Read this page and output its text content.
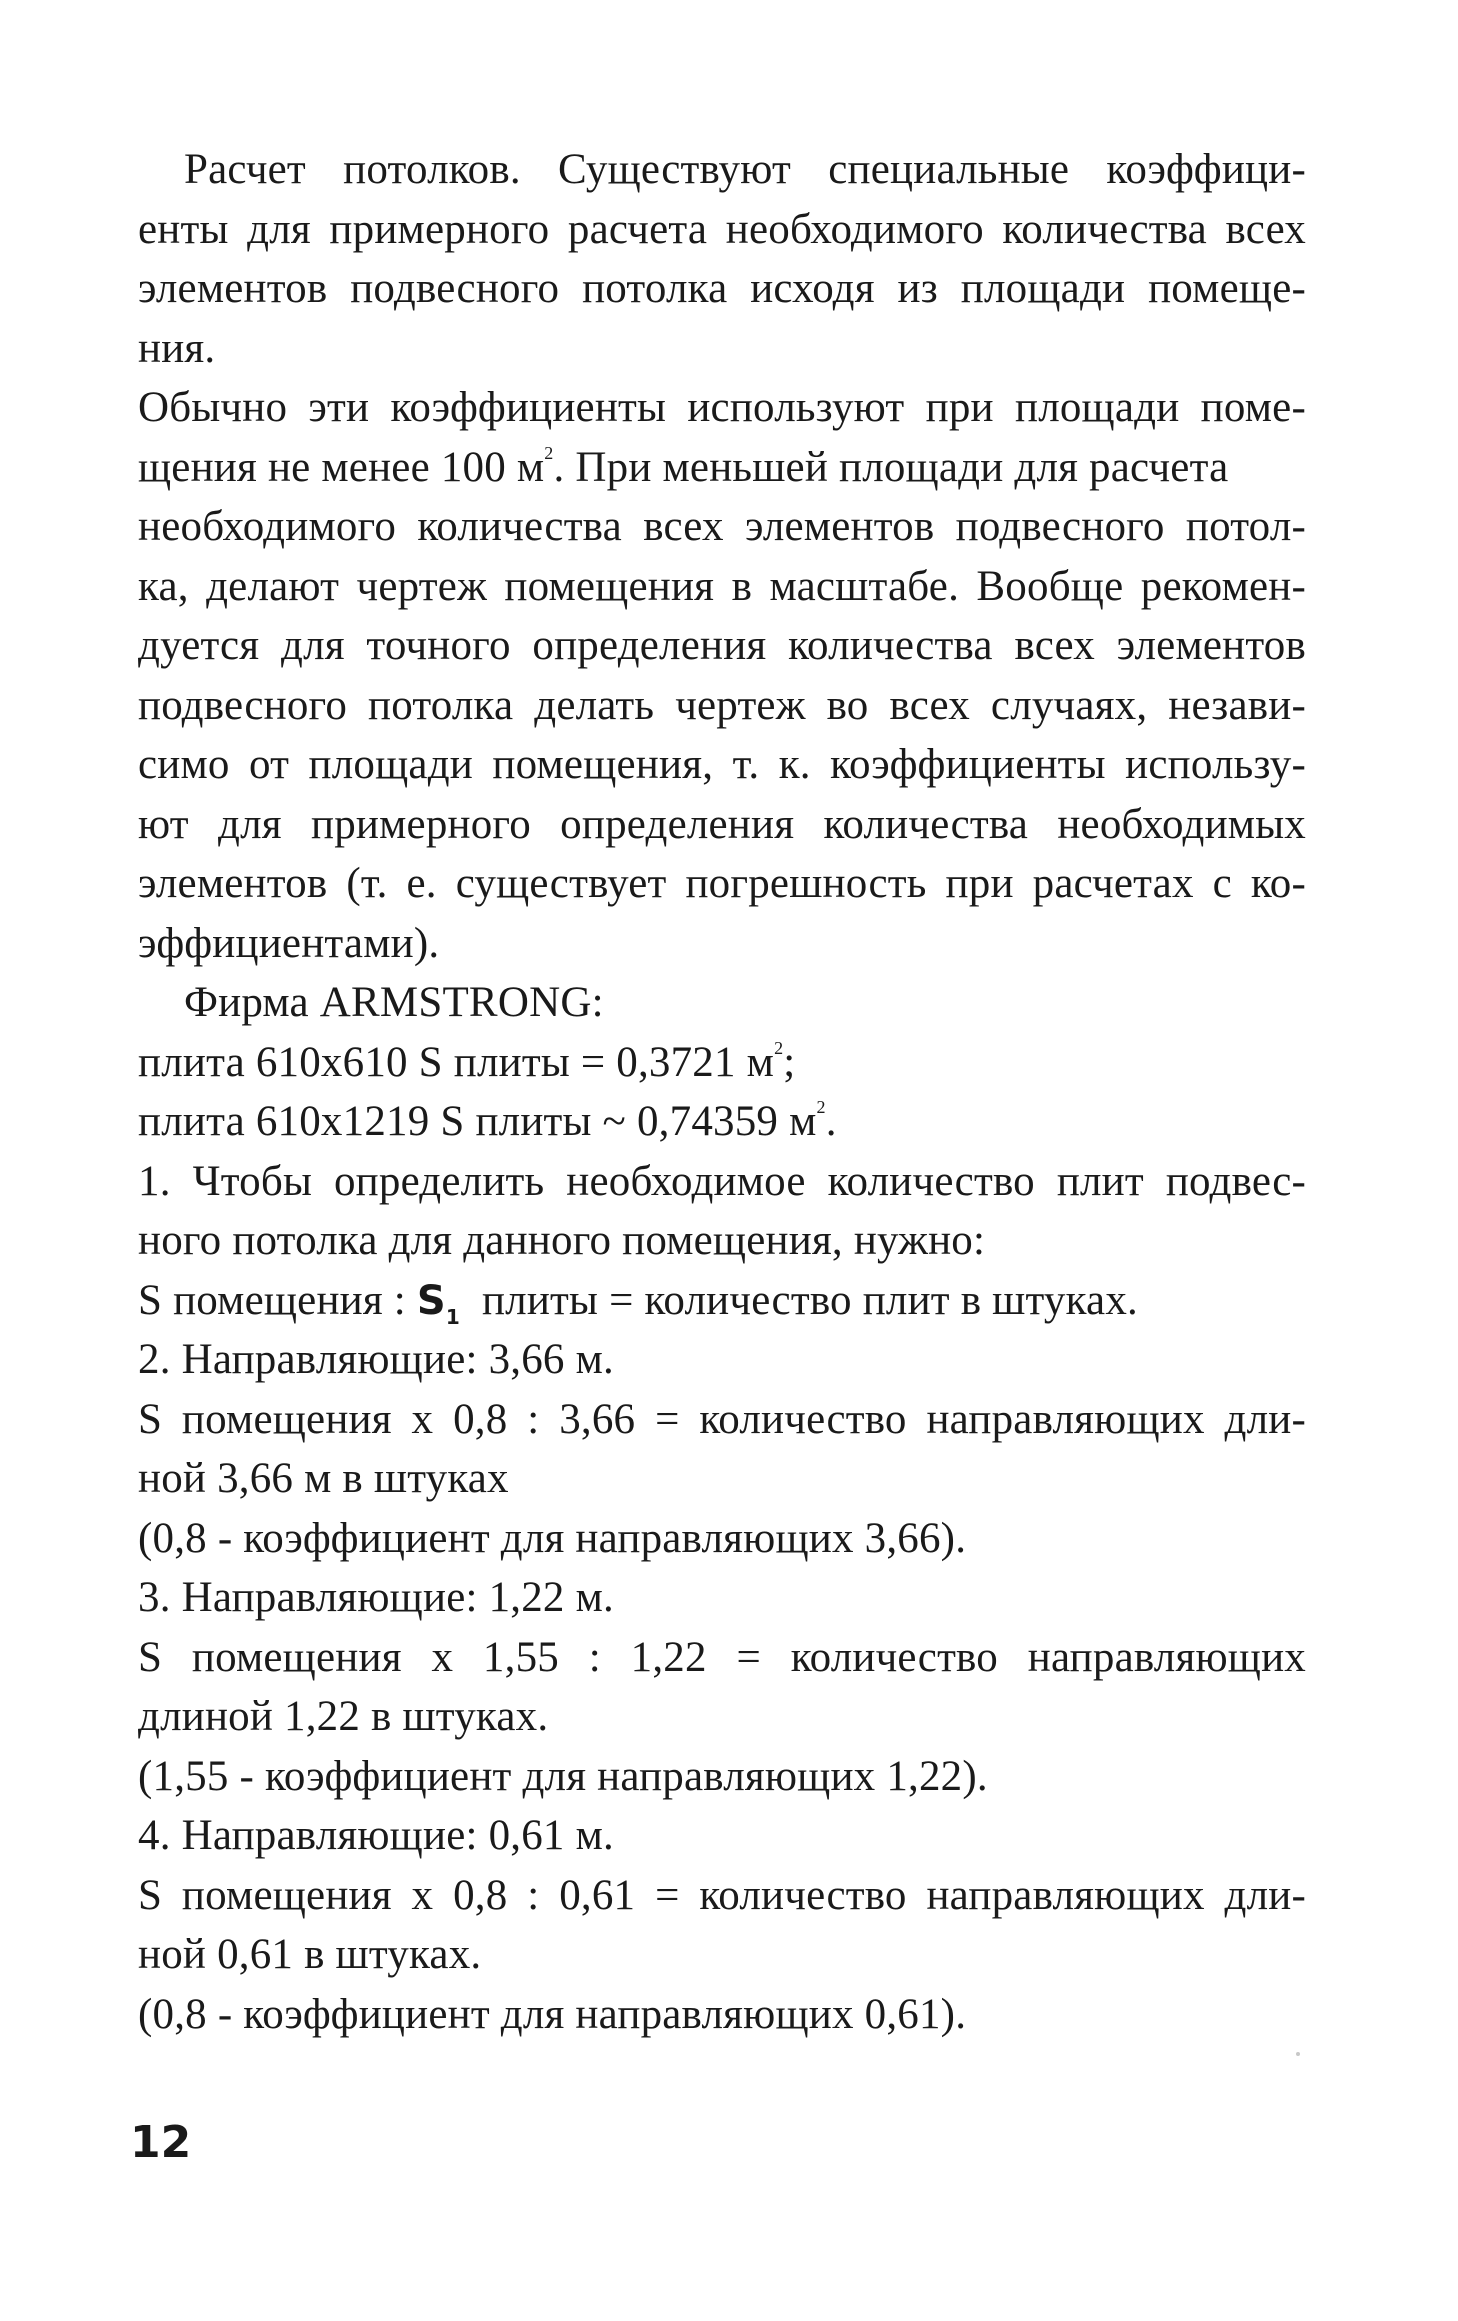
Расчет потолков. Существуют специальные коэффици-
енты для примерного расчета необходимого количества всех
элементов подвесного потолка исходя из площади помеще-
ния.
Обычно эти коэффициенты используют при площади поме-
щения не менее 100 $м^2$. При меньшей площади для расчета
необходимого количества всех элементов подвесного потол-
ка, делают чертеж помещения в масштабе. Вообще рекомен-
дуется для точного определения количества всех элементов
подвесного потолка делать чертеж во всех случаях, незави-
симо от площади помещения, т. к. коэффициенты использу-
ют для примерного определения количества необходимых
элементов (т. е. существует погрешность при расчетах с ко-
эффициентами).
Фирма ARMSTRONG:
плита 610x610 S плиты = 0,3721 $м^2$;
плита 610x1219 S плиты ~ 0,74359 $м^2$.
1. Чтобы определить необходимое количество плит подвес-
ного потолка для данного помещения, нужно:
S помещения : $S_1$ плиты = количество плит в штуках.
2. Направляющие: 3,66 м.
S помещения x 0,8 : 3,66 = количество направляющих дли-
ной 3,66 м в штуках
(0,8 - коэффициент для направляющих 3,66).
3. Направляющие: 1,22 м.
S помещения x 1,55 : 1,22 = количество направляющих
длиной 1,22 в штуках.
(1,55 - коэффициент для направляющих 1,22).
4. Направляющие: 0,61 м.
S помещения x 0,8 : 0,61 = количество направляющих дли-
ной 0,61 в штуках.
(0,8 - коэффициент для направляющих 0,61).
12
